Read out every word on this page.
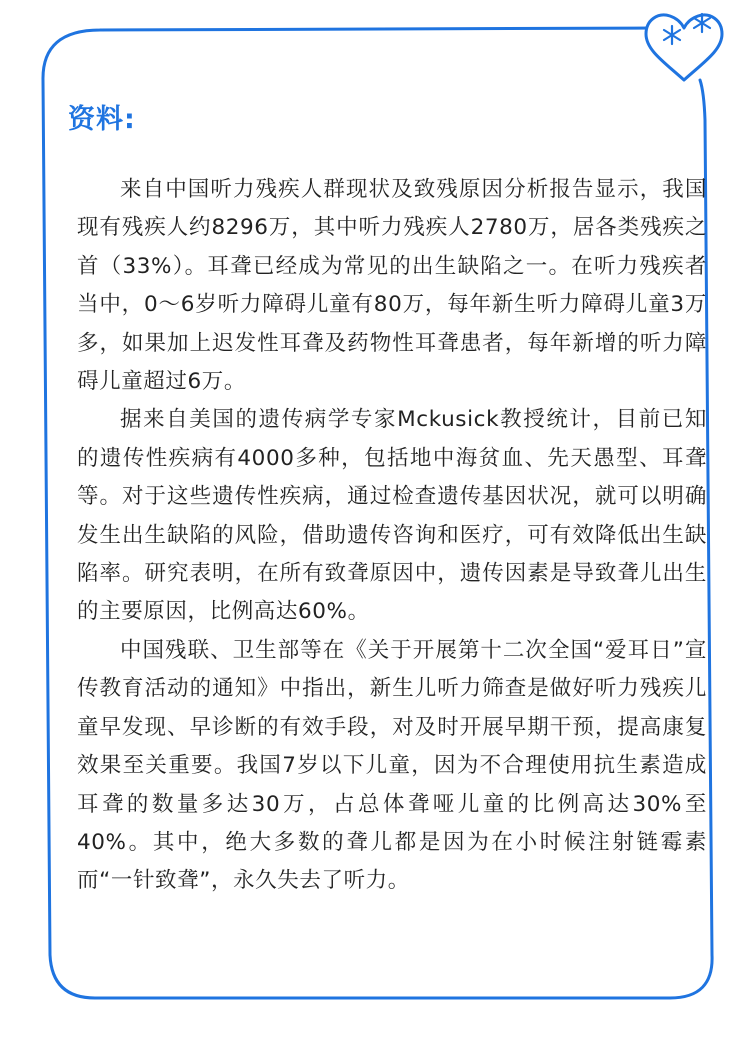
资料:

来自中国听力残疾人群现状及致残原因分析报告显示，我国现有残疾人约8296万，其中听力残疾人2780万，居各类残疾之首（33%）。耳聋已经成为常见的出生缺陷之一。在听力残疾者当中，0～6岁听力障碍儿童有80万，每年新生听力障碍儿童3万多，如果加上迟发性耳聋及药物性耳聋患者，每年新增的听力障碍儿童超过6万。

据来自美国的遗传病学专家Mckusick教授统计，目前已知的遗传性疾病有4000多种，包括地中海贫血、先天愚型、耳聋等。对于这些遗传性疾病，通过检查遗传基因状况，就可以明确发生出生缺陷的风险，借助遗传咨询和医疗，可有效降低出生缺陷率。研究表明，在所有致聋原因中，遗传因素是导致聋儿出生的主要原因，比例高达60%。

中国残联、卫生部等在《关于开展第十二次全国“爱耳日”宣传教育活动的通知》中指出，新生儿听力筛查是做好听力残疾儿童早发现、早诊断的有效手段，对及时开展早期干预，提高康复效果至关重要。我国7岁以下儿童，因为不合理使用抗生素造成耳聋的数量多达30万，占总体聋哑儿童的比例高达30%至40%。其中，绝大多数的聋儿都是因为在小时候注射链霉素而“一针致聋”，永久失去了听力。
